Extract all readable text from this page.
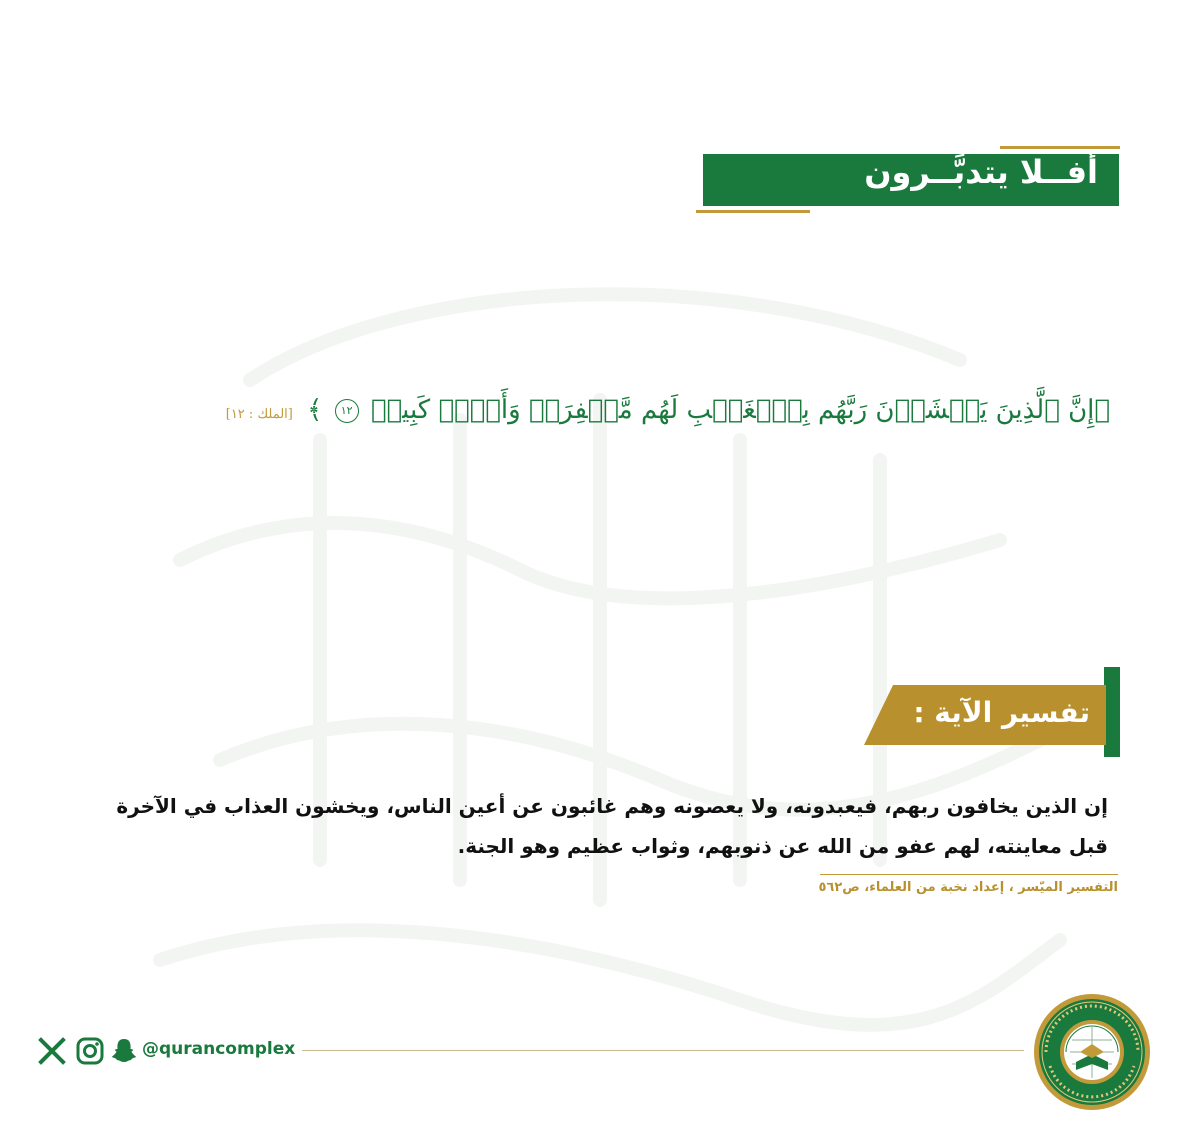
أفــلا يتدبَّــرون
﴿إِنَّ ٱلَّذِينَ يَخۡشَوۡنَ رَبَّهُم بِٱلۡغَيۡبِ لَهُم مَّغۡفِرَةٞ وَأَجۡرٞ كَبِيرٞ ١٢ ﴾ [الملك : ١٢]
تفسير الآية :
إن الذين يخافون ربهم، فيعبدونه، ولا يعصونه وهم غائبون عن أعين الناس، ويخشون العذاب في الآخرة قبل معاينته، لهم عفو من الله عن ذنوبهم، وثواب عظيم وهو الجنة.
التفسير الميّسر ، إعداد نخبة من العلماء، ص٥٦٢
@qurancomplex
